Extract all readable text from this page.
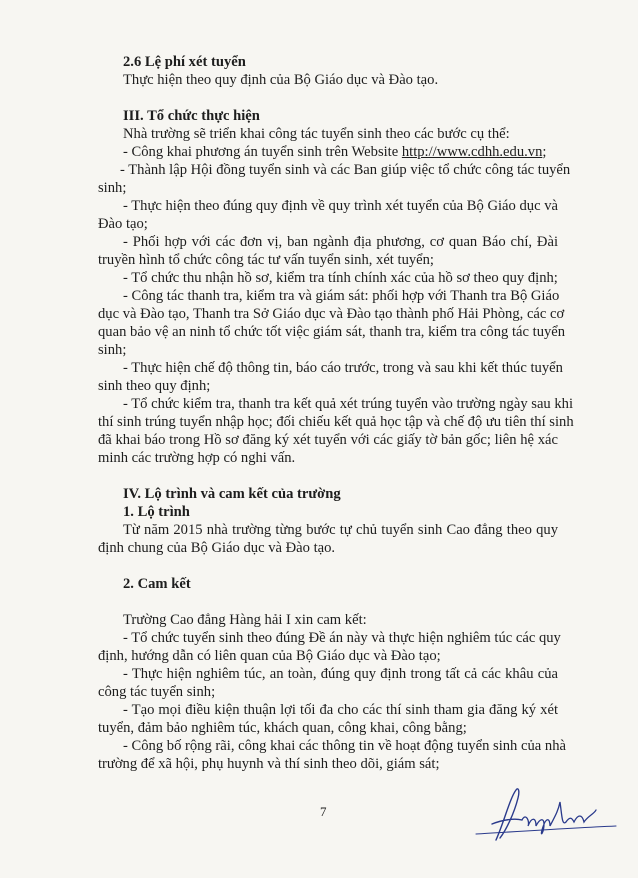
2.6 Lệ phí xét tuyển
Thực hiện theo quy định của Bộ Giáo dục và Đào tạo.
III. Tổ chức thực hiện
Nhà trường sẽ triển khai công tác tuyển sinh theo các bước cụ thể:
- Công khai phương án tuyển sinh trên Website http://www.cdhh.edu.vn;
- Thành lập Hội đồng tuyển sinh và các Ban giúp việc tổ chức công tác tuyển
sinh;
- Thực hiện theo đúng quy định về quy trình xét tuyển của Bộ Giáo dục và
Đào tạo;
- Phối hợp với các đơn vị, ban ngành địa phương, cơ quan Báo chí, Đài
truyền hình tổ chức công tác tư vấn tuyển sinh, xét tuyển;
- Tổ chức thu nhận hồ sơ, kiểm tra tính chính xác của hồ sơ theo quy định;
- Công tác thanh tra, kiểm tra và giám sát: phối hợp với Thanh tra Bộ Giáo
dục và Đào tạo, Thanh tra Sở Giáo dục và Đào tạo thành phố Hải Phòng, các cơ
quan bảo vệ an ninh tổ chức tốt việc giám sát, thanh tra, kiểm tra công tác tuyển
sinh;
- Thực hiện chế độ thông tin, báo cáo trước, trong và sau khi kết thúc tuyển
sinh theo quy định;
- Tổ chức kiểm tra, thanh tra kết quả xét trúng tuyển vào trường ngày sau khi
thí sinh trúng tuyển nhập học; đối chiếu kết quả học tập và chế độ ưu tiên thí sinh
đã khai báo trong Hồ sơ đăng ký xét tuyển với các giấy tờ bản gốc; liên hệ xác
minh các trường hợp có nghi vấn.
IV. Lộ trình và cam kết của trường
1. Lộ trình
Từ năm 2015 nhà trường từng bước tự chủ tuyển sinh Cao đẳng theo quy
định chung của Bộ Giáo dục và Đào tạo.
2. Cam kết
Trường Cao đẳng Hàng hải I xin cam kết:
- Tổ chức tuyển sinh theo đúng Đề án này và thực hiện nghiêm túc các quy
định, hướng dẫn có liên quan của Bộ Giáo dục và Đào tạo;
- Thực hiện nghiêm túc, an toàn, đúng quy định trong tất cả các khâu của
công tác tuyển sinh;
- Tạo mọi điều kiện thuận lợi tối đa cho các thí sinh tham gia đăng ký xét
tuyển, đảm bảo nghiêm túc, khách quan, công khai, công bằng;
- Công bố rộng rãi, công khai các thông tin về hoạt động tuyển sinh của nhà
trường để xã hội, phụ huynh và thí sinh theo dõi, giám sát;
7
